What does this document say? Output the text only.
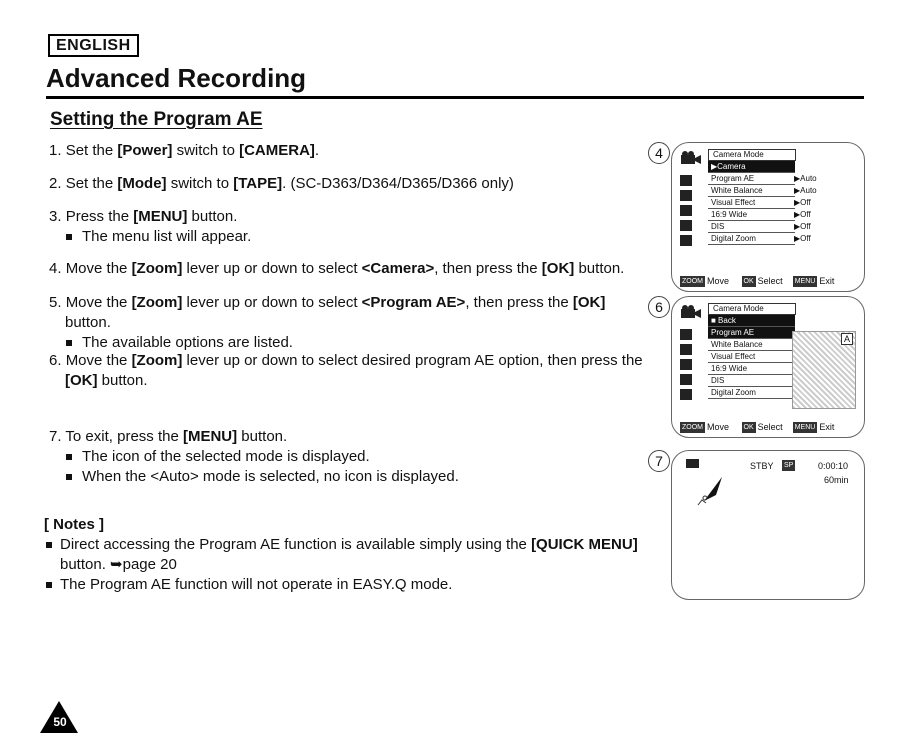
ENGLISH
Advanced Recording
Setting the Program AE
1. Set the [Power] switch to [CAMERA].
2. Set the [Mode] switch to [TAPE]. (SC-D363/D364/D365/D366 only)
3. Press the [MENU] button.
The menu list will appear.
4. Move the [Zoom] lever up or down to select <Camera>, then press the [OK] button.
5. Move the [Zoom] lever up or down to select <Program AE>, then press the [OK]
button.
The available options are listed.
6. Move the [Zoom] lever up or down to select desired program AE option, then press the
[OK] button.
7. To exit, press the [MENU] button.
The icon of the selected mode is displayed.
When the <Auto> mode is selected, no icon is displayed.
[ Notes ]
Direct accessing the Program AE function is available simply using the [QUICK MENU]
button. ➥page 20
The Program AE function will not operate in EASY.Q mode.
50
4	Camera Mode
▶Camera
Program AE	▶Auto
White Balance	▶Auto
Visual Effect	▶Off
16:9 Wide	▶Off
DIS	▶Off
Digital Zoom	▶Off
ZOOM Move OK Select MENU Exit
6	Camera Mode
■ Back
Program AE
White Balance
Visual Effect
16:9 Wide
DIS
Digital Zoom
A
ZOOM Move OK Select MENU Exit
7	STBY SP	0:00:10
60min
